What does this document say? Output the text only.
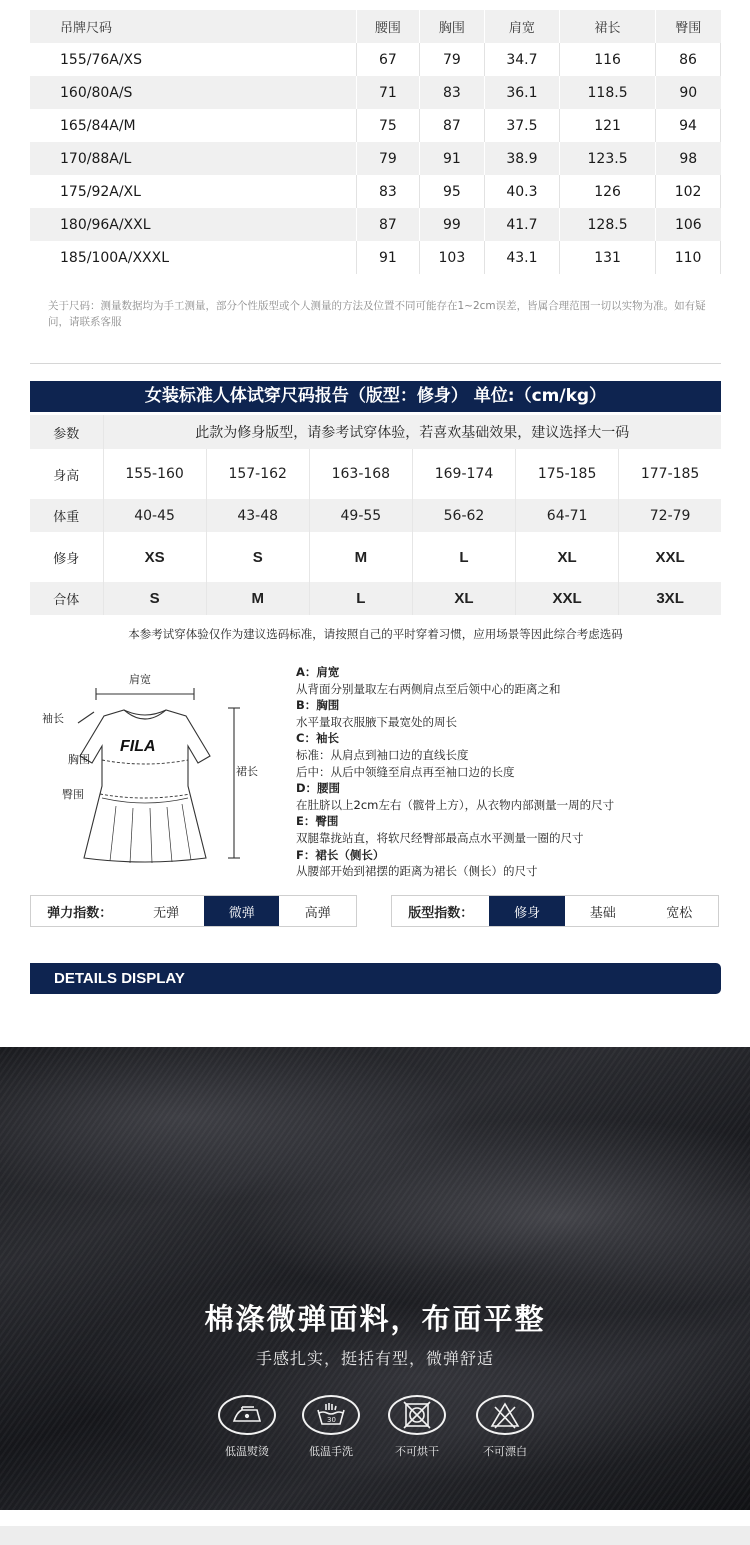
吊牌尺码	腰围	胸围	肩宽	裙长	臀围
155/76A/XS	67	79	34.7	116	86
160/80A/S	71	83	36.1	118.5	90
165/84A/M	75	87	37.5	121	94
170/88A/L	79	91	38.9	123.5	98
175/92A/XL	83	95	40.3	126	102
180/96A/XXL	87	99	41.7	128.5	106
185/100A/XXXL	91	103	43.1	131	110
关于尺码：测量数据均为手工测量，部分个性版型或个人测量的方法及位置不同可能存在1~2cm误差，皆属合理范围一切以实物为准。如有疑问，请联系客服
女装标准人体试穿尺码报告（版型：修身） 单位:（cm/kg）
参数	此款为修身版型，请参考试穿体验，若喜欢基础效果，建议选择大一码					
身高	155-160	157-162	163-168	169-174	175-185	177-185
体重	40-45	43-48	49-55	56-62	64-71	72-79
修身	XS	S	M	L	XL	XXL
合体	S	M	L	XL	XXL	3XL
本参考试穿体验仅作为建议选码标准，请按照自己的平时穿着习惯，应用场景等因此综合考虑选码
肩宽
袖长
胸围
臀围
裙长
FILA
A：肩宽
从背面分别量取左右两侧肩点至后领中心的距离之和
B：胸围
水平量取衣服腋下最宽处的周长
C：袖长
标准：从肩点到袖口边的直线长度
后中：从后中领缝至肩点再至袖口边的长度
D：腰围
在肚脐以上2cm左右（髋骨上方），从衣物内部测量一周的尺寸
E：臀围
双腿靠拢站直，将软尺经臀部最高点水平测量一圈的尺寸
F：裙长（侧长）
从腰部开始到裙摆的距离为裙长（侧长）的尺寸
弹力指数：	无弹	微弹	高弹	版型指数：	修身	基础	宽松
DETAILS DISPLAY
棉涤微弹面料，布面平整
手感扎实，挺括有型，微弹舒适
低温熨烫
30
低温手洗	不可烘干	不可漂白
